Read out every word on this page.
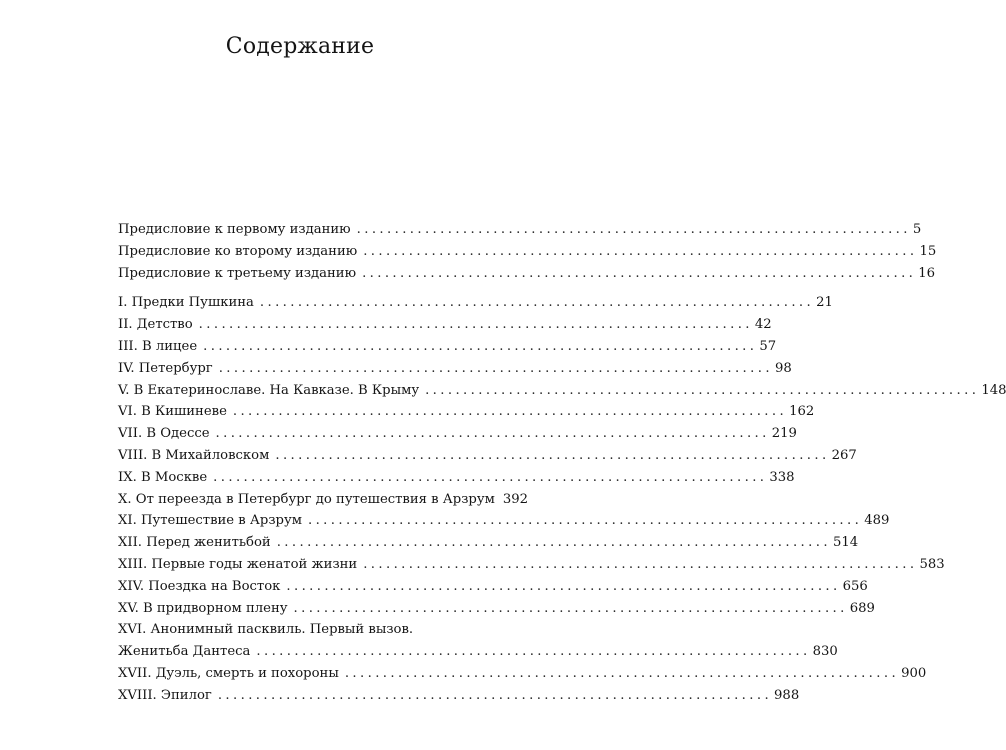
Содержание
Предисловие к первому изданию ......................................................................... 5
Предисловие ко второму изданию ......................................................................... 15
Предисловие к третьему изданию ......................................................................... 16
I. Предки Пушкина ......................................................................... 21
II. Детство ......................................................................... 42
III. В лицее ......................................................................... 57
IV. Петербург ......................................................................... 98
V. В Екатеринославе. На Кавказе. В Крыму ......................................................................... 148
VI. В Кишиневе ......................................................................... 162
VII. В Одессе ......................................................................... 219
VIII. В Михайловском ......................................................................... 267
IX. В Москве ......................................................................... 338
X. От переезда в Петербург до путешествия в Арзрум 392
XI. Путешествие в Арзрум ......................................................................... 489
XII. Перед женитьбой ......................................................................... 514
XIII. Первые годы женатой жизни ......................................................................... 583
XIV. Поездка на Восток ......................................................................... 656
XV. В придворном плену ......................................................................... 689
XVI. Анонимный пасквиль. Первый вызов.
Женитьба Дантеса ......................................................................... 830
XVII. Дуэль, смерть и похороны ......................................................................... 900
XVIII. Эпилог ......................................................................... 988
